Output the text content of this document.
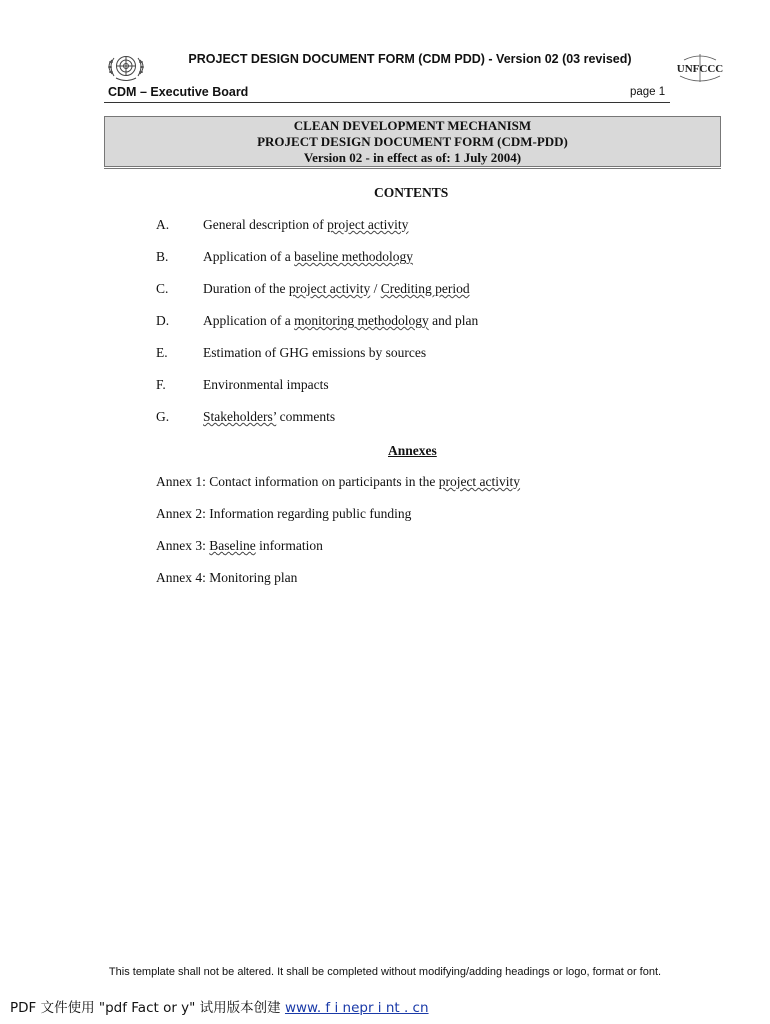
PROJECT DESIGN DOCUMENT FORM (CDM PDD) - Version 02 (03 revised)
UNFCCC
CDM – Executive Board	page 1
CLEAN DEVELOPMENT MECHANISM
PROJECT DESIGN DOCUMENT FORM (CDM-PDD)
Version 02 - in effect as of: 1 July 2004)
CONTENTS
A.	General description of project activity
B.	Application of a baseline methodology
C.	Duration of the project activity / Crediting period
D.	Application of a monitoring methodology and plan
E.	Estimation of GHG emissions by sources
F.	Environmental impacts
G.	Stakeholders’ comments
Annexes
Annex 1: Contact information on participants in the project activity
Annex 2: Information regarding public funding
Annex 3: Baseline information
Annex 4: Monitoring plan
This template shall not be altered. It shall be completed without modifying/adding headings or logo, format or font.
PDF 文件使用 "pdf Fact or y" 试用版本创建 www. f i nepr i nt . cn
